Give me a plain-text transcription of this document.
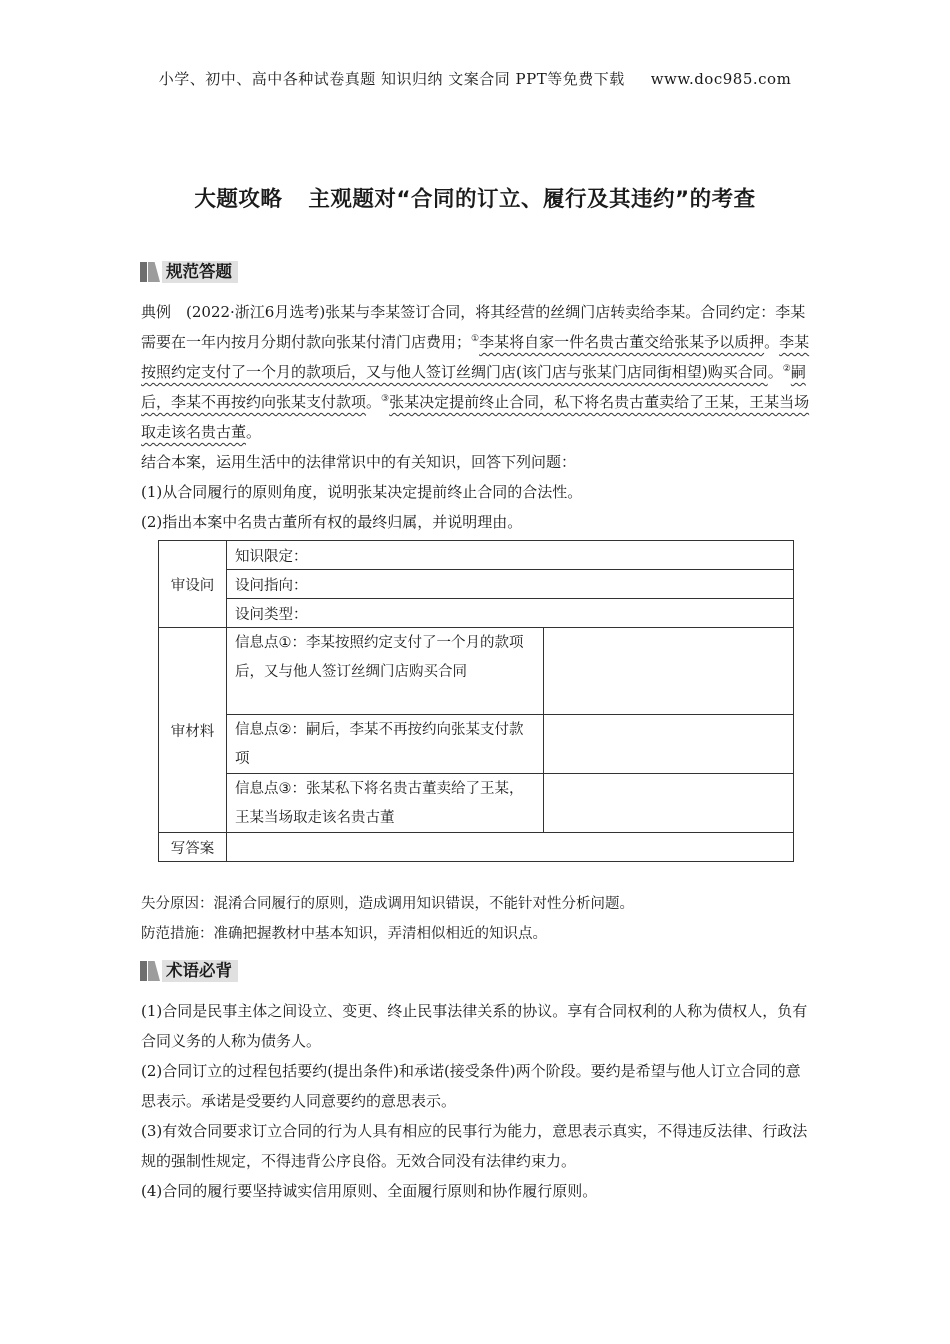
小学、初中、高中各种试卷真题 知识归纳 文案合同 PPT等免费下载 www.doc985.com
大题攻略 主观题对“合同的订立、履行及其违约”的考查
规范答题
典例　(2022·浙江6月选考)张某与李某签订合同，将其经营的丝绸门店转卖给李某。合同约定：李某需要在一年内按月分期付款向张某付清门店费用；①李某将自家一件名贵古董交给张某予以质押。李某按照约定支付了一个月的款项后，又与他人签订丝绸门店(该门店与张某门店同街相望)购买合同。②嗣后，李某不再按约向张某支付款项。③张某决定提前终止合同，私下将名贵古董卖给了王某，王某当场取走该名贵古董。
结合本案，运用生活中的法律常识中的有关知识，回答下列问题：
(1)从合同履行的原则角度，说明张某决定提前终止合同的合法性。
(2)指出本案中名贵古董所有权的最终归属，并说明理由。
审设问	知识限定：	
	设问指向：	
	设问类型：	
审材料	信息点①：李某按照约定支付了一个月的款项后，又与他人签订丝绸门店购买合同	
	信息点②：嗣后，李某不再按约向张某支付款项	
	信息点③：张某私下将名贵古董卖给了王某，王某当场取走该名贵古董	
写答案		
失分原因：混淆合同履行的原则，造成调用知识错误，不能针对性分析问题。
防范措施：准确把握教材中基本知识，弄清相似相近的知识点。
术语必背
(1)合同是民事主体之间设立、变更、终止民事法律关系的协议。享有合同权利的人称为债权人，负有合同义务的人称为债务人。
(2)合同订立的过程包括要约(提出条件)和承诺(接受条件)两个阶段。要约是希望与他人订立合同的意思表示。承诺是受要约人同意要约的意思表示。
(3)有效合同要求订立合同的行为人具有相应的民事行为能力，意思表示真实，不得违反法律、行政法规的强制性规定，不得违背公序良俗。无效合同没有法律约束力。
(4)合同的履行要坚持诚实信用原则、全面履行原则和协作履行原则。
